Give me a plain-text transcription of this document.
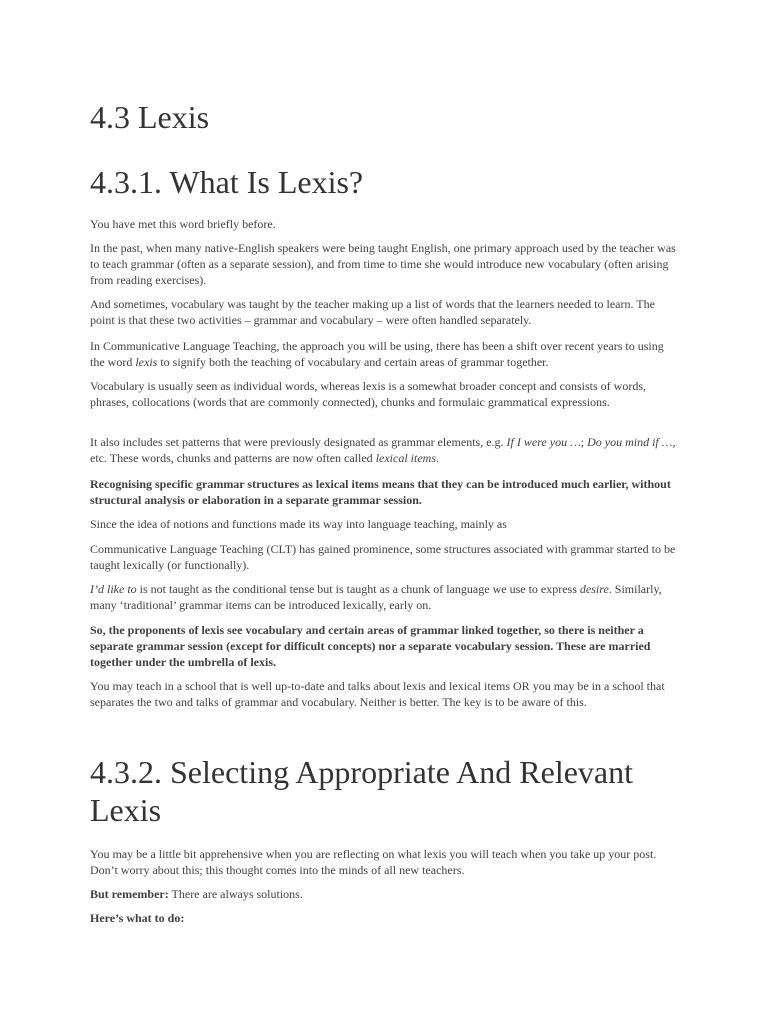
4.3 Lexis
4.3.1. What Is Lexis?

You have met this word briefly before.

In the past, when many native-English speakers were being taught English, one primary approach used by the teacher was to teach grammar (often as a separate session), and from time to time she would introduce new vocabulary (often arising from reading exercises).

And sometimes, vocabulary was taught by the teacher making up a list of words that the learners needed to learn. The point is that these two activities – grammar and vocabulary – were often handled separately.

In Communicative Language Teaching, the approach you will be using, there has been a shift over recent years to using the word lexis to signify both the teaching of vocabulary and certain areas of grammar together.

Vocabulary is usually seen as individual words, whereas lexis is a somewhat broader concept and consists of words, phrases, collocations (words that are commonly connected), chunks and formulaic grammatical expressions.

It also includes set patterns that were previously designated as grammar elements, e.g. If I were you …; Do you mind if …, etc. These words, chunks and patterns are now often called lexical items.

Recognising specific grammar structures as lexical items means that they can be introduced much earlier, without structural analysis or elaboration in a separate grammar session.

Since the idea of notions and functions made its way into language teaching, mainly as

Communicative Language Teaching (CLT) has gained prominence, some structures associated with grammar started to be taught lexically (or functionally).

I’d like to is not taught as the conditional tense but is taught as a chunk of language we use to express desire. Similarly, many ‘traditional’ grammar items can be introduced lexically, early on.

So, the proponents of lexis see vocabulary and certain areas of grammar linked together, so there is neither a separate grammar session (except for difficult concepts) nor a separate vocabulary session. These are married together under the umbrella of lexis.

You may teach in a school that is well up-to-date and talks about lexis and lexical items OR you may be in a school that separates the two and talks of grammar and vocabulary. Neither is better. The key is to be aware of this.

4.3.2. Selecting Appropriate And Relevant Lexis

You may be a little bit apprehensive when you are reflecting on what lexis you will teach when you take up your post. Don’t worry about this; this thought comes into the minds of all new teachers.

But remember: There are always solutions.

Here’s what to do:
